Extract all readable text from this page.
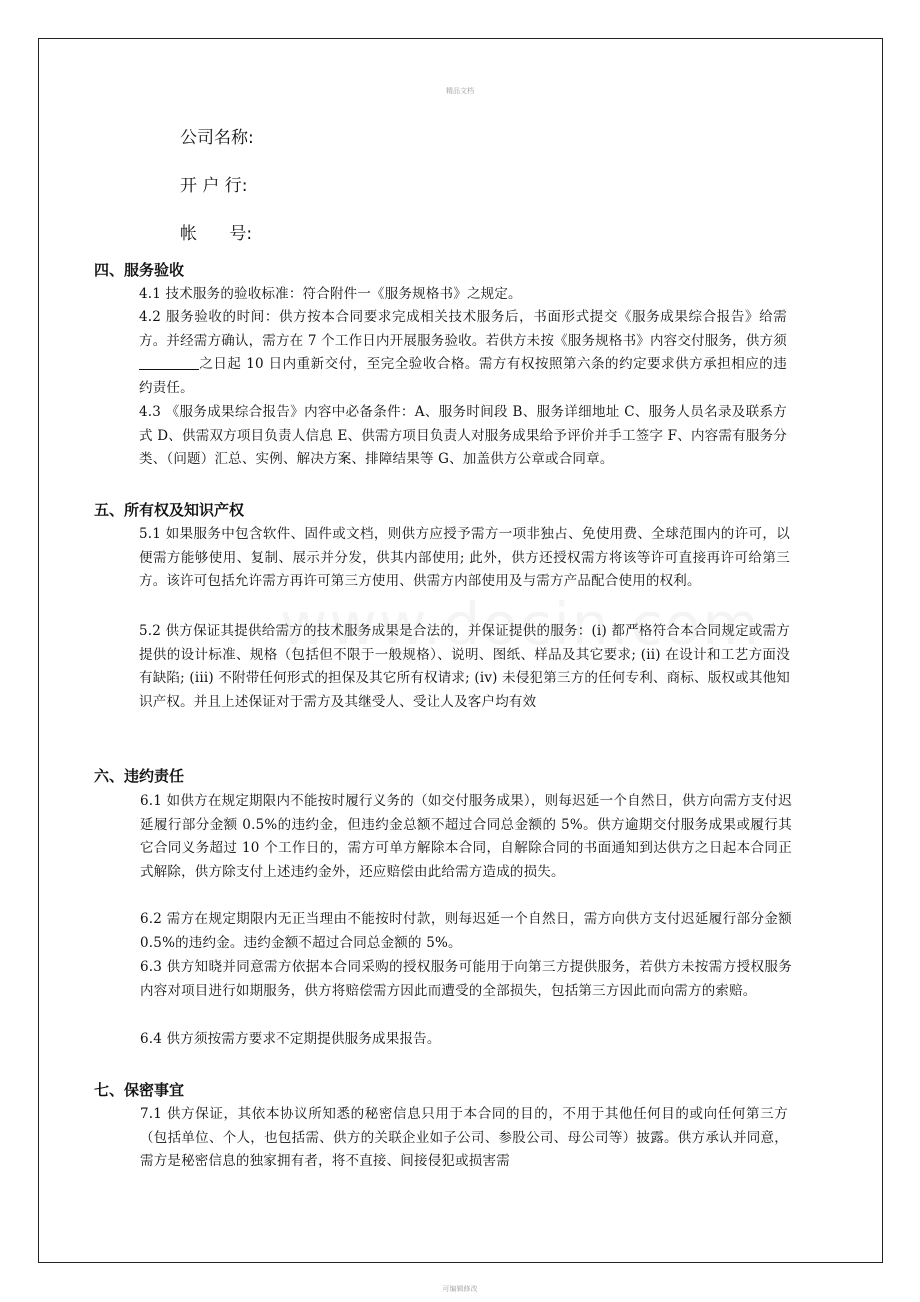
精品文档
公司名称:
开 户 行:
帐      号:
四、服务验收
4.1 技术服务的验收标准：符合附件一《服务规格书》之规定。
4.2 服务验收的时间：供方按本合同要求完成相关技术服务后，书面形式提交《服务成果综合报告》给需方。并经需方确认，需方在 7 个工作日内开展服务验收。若供方未按《服务规格书》内容交付服务，供方须之日起 10 日内重新交付，至完全验收合格。需方有权按照第六条的约定要求供方承担相应的违约责任。
4.3 《服务成果综合报告》内容中必备条件：A、服务时间段 B、服务详细地址 C、服务人员名录及联系方式 D、供需双方项目负责人信息 E、供需方项目负责人对服务成果给予评价并手工签字 F、内容需有服务分类、（问题）汇总、实例、解决方案、排障结果等 G、加盖供方公章或合同章。
五、所有权及知识产权
5.1 如果服务中包含软件、固件或文档，则供方应授予需方一项非独占、免使用费、全球范围内的许可，以便需方能够使用、复制、展示并分发，供其内部使用; 此外，供方还授权需方将该等许可直接再许可给第三方。该许可包括允许需方再许可第三方使用、供需方内部使用及与需方产品配合使用的权利。
5.2 供方保证其提供给需方的技术服务成果是合法的，并保证提供的服务：(i) 都严格符合本合同规定或需方提供的设计标准、规格（包括但不限于一般规格）、说明、图纸、样品及其它要求; (ii) 在设计和工艺方面没有缺陷; (iii) 不附带任何形式的担保及其它所有权请求; (iv) 未侵犯第三方的任何专利、商标、版权或其他知识产权。并且上述保证对于需方及其继受人、受让人及客户均有效
六、违约责任
6.1 如供方在规定期限内不能按时履行义务的（如交付服务成果），则每迟延一个自然日，供方向需方支付迟延履行部分金额 0.5%的违约金，但违约金总额不超过合同总金额的 5%。供方逾期交付服务成果或履行其它合同义务超过 10 个工作日的，需方可单方解除本合同，自解除合同的书面通知到达供方之日起本合同正式解除，供方除支付上述违约金外，还应赔偿由此给需方造成的损失。
6.2 需方在规定期限内无正当理由不能按时付款，则每迟延一个自然日，需方向供方支付迟延履行部分金额 0.5%的违约金。违约金额不超过合同总金额的 5%。
6.3 供方知晓并同意需方依据本合同采购的授权服务可能用于向第三方提供服务，若供方未按需方授权服务内容对项目进行如期服务，供方将赔偿需方因此而遭受的全部损失，包括第三方因此而向需方的索赔。
6.4 供方须按需方要求不定期提供服务成果报告。
七、保密事宜
7.1 供方保证，其依本协议所知悉的秘密信息只用于本合同的目的，不用于其他任何目的或向任何第三方（包括单位、个人，也包括需、供方的关联企业如子公司、参股公司、母公司等）披露。供方承认并同意，需方是秘密信息的独家拥有者，将不直接、间接侵犯或损害需
可编辑修改
